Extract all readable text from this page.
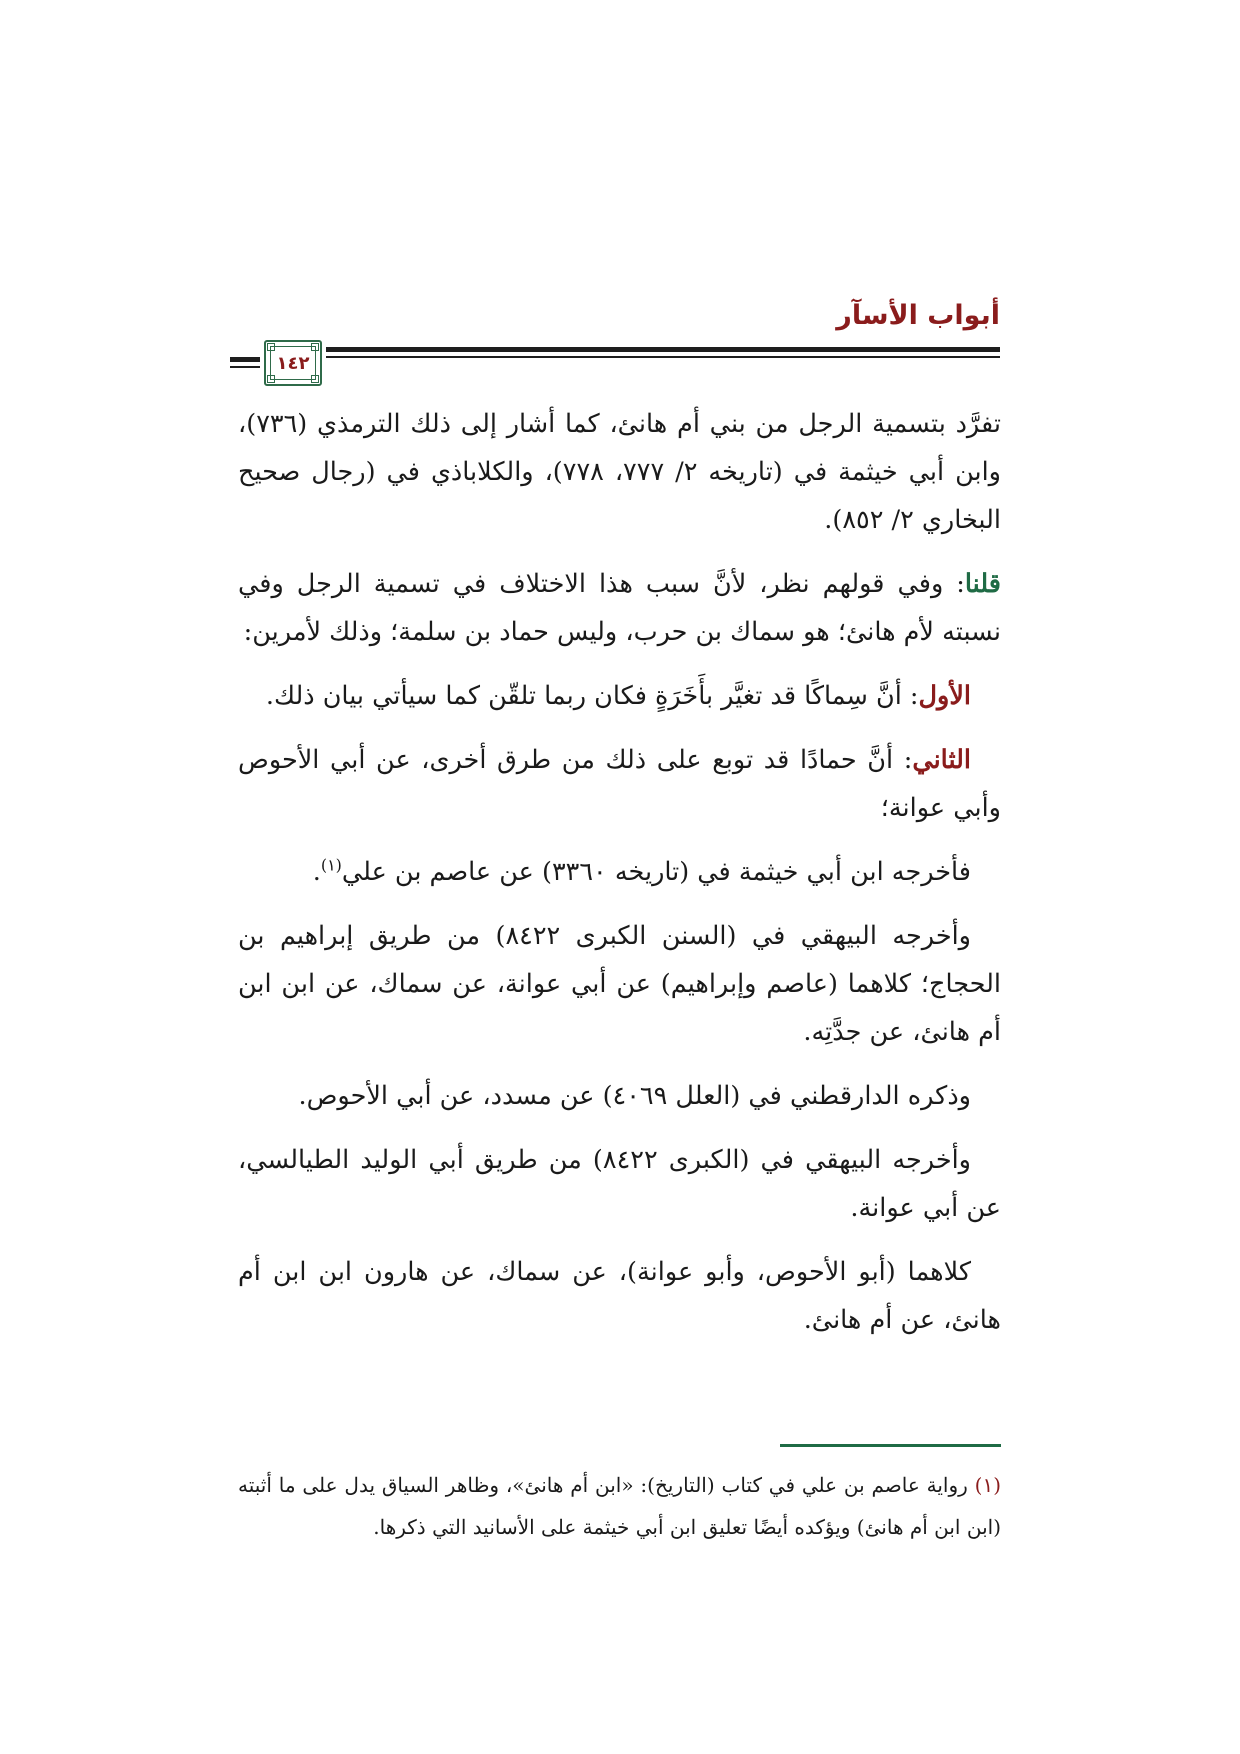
أبواب الأسآر
١٤٢

تفرَّد بتسمية الرجل من بني أم هانئ، كما أشار إلى ذلك الترمذي (٧٣٦)، وابن أبي خيثمة في (تاريخه ٢/ ٧٧٧، ٧٧٨)، والكلاباذي في (رجال صحيح البخاري ٢/ ٨٥٢).

قلنا: وفي قولهم نظر، لأنَّ سبب هذا الاختلاف في تسمية الرجل وفي نسبته لأم هانئ؛ هو سماك بن حرب، وليس حماد بن سلمة؛ وذلك لأمرين:

الأول: أنَّ سِماكًا قد تغيَّر بأَخَرَةٍ فكان ربما تلقّن كما سيأتي بيان ذلك.

الثاني: أنَّ حمادًا قد توبع على ذلك من طرق أخرى، عن أبي الأحوص وأبي عوانة؛

فأخرجه ابن أبي خيثمة في (تاريخه ٣٣٦٠) عن عاصم بن علي$^{(١)}$.

وأخرجه البيهقي في (السنن الكبرى ٨٤٢٢) من طريق إبراهيم بن الحجاج؛ كلاهما (عاصم وإبراهيم) عن أبي عوانة، عن سماك، عن ابن ابن أم هانئ، عن جدَّتِه.

وذكره الدارقطني في (العلل ٤٠٦٩) عن مسدد، عن أبي الأحوص.

وأخرجه البيهقي في (الكبرى ٨٤٢٢) من طريق أبي الوليد الطيالسي، عن أبي عوانة.

كلاهما (أبو الأحوص، وأبو عوانة)، عن سماك، عن هارون ابن ابن أم هانئ، عن أم هانئ.

(١) رواية عاصم بن علي في كتاب (التاريخ): «ابن أم هانئ»، وظاهر السياق يدل على ما أثبته (ابن ابن أم هانئ) ويؤكده أيضًا تعليق ابن أبي خيثمة على الأسانيد التي ذكرها.
